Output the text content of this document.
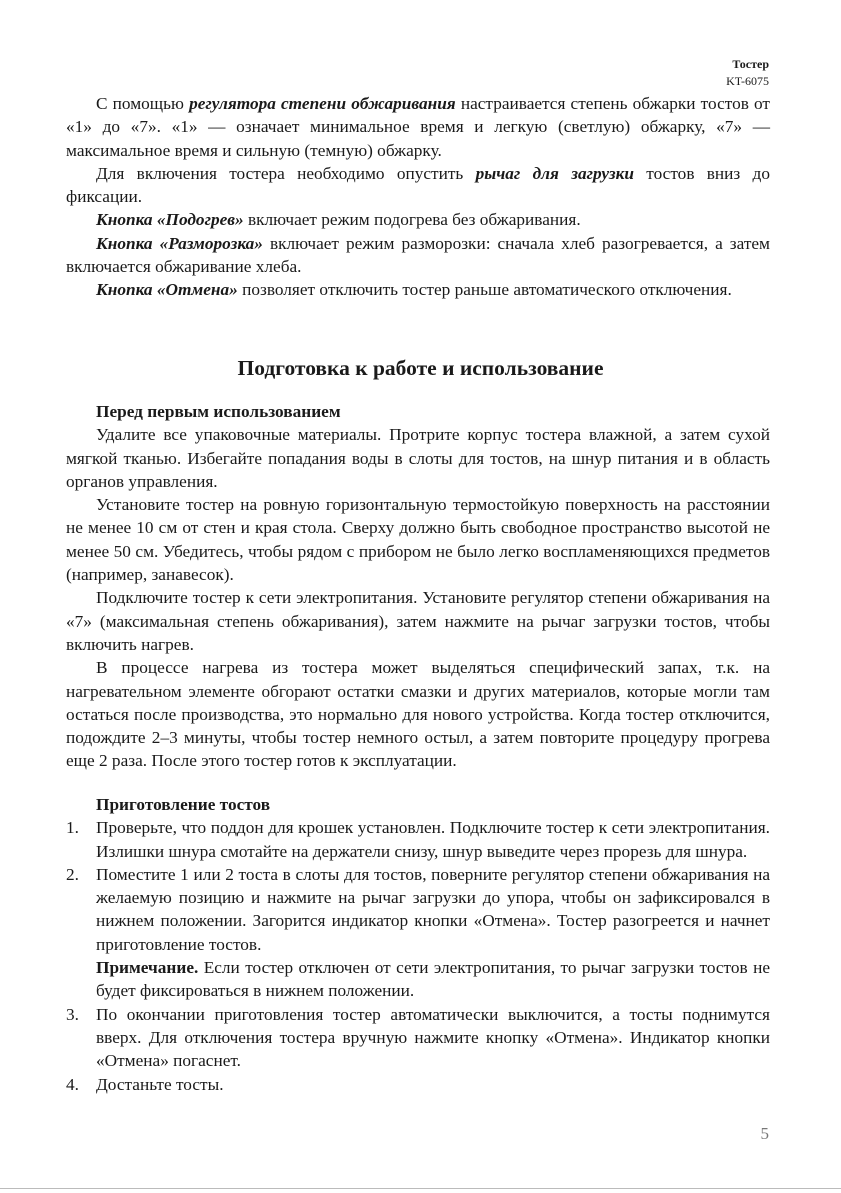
Тостер
KT-6075

С помощью регулятора степени обжаривания настраивается степень обжарки тостов от «1» до «7». «1» — означает минимальное время и легкую (светлую) обжарку, «7» — максимальное время и сильную (темную) обжарку.

Для включения тостера необходимо опустить рычаг для загрузки тостов вниз до фиксации.

Кнопка «Подогрев» включает режим подогрева без обжаривания.

Кнопка «Разморозка» включает режим разморозки: сначала хлеб разогревается, а затем включается обжаривание хлеба.

Кнопка «Отмена» позволяет отключить тостер раньше автоматического отключения.

Подготовка к работе и использование
Перед первым использованием

Удалите все упаковочные материалы. Протрите корпус тостера влажной, а затем сухой мягкой тканью. Избегайте попадания воды в слоты для тостов, на шнур питания и в область органов управления.

Установите тостер на ровную горизонтальную термостойкую поверхность на расстоянии не менее 10 см от стен и края стола. Сверху должно быть свободное пространство высотой не менее 50 см. Убедитесь, чтобы рядом с прибором не было легко воспламеняющихся предметов (например, занавесок).

Подключите тостер к сети электропитания. Установите регулятор степени обжаривания на «7» (максимальная степень обжаривания), затем нажмите на рычаг загрузки тостов, чтобы включить нагрев.

В процессе нагрева из тостера может выделяться специфический запах, т.к. на нагревательном элементе обгорают остатки смазки и других материалов, которые могли там остаться после производства, это нормально для нового устройства. Когда тостер отключится, подождите 2–3 минуты, чтобы тостер немного остыл, а затем повторите процедуру прогрева еще 2 раза. После этого тостер готов к эксплуатации.

Приготовление тостов
1. Проверьте, что поддон для крошек установлен. Подключите тостер к сети электропитания. Излишки шнура смотайте на держатели снизу, шнур выведите через прорезь для шнура.
2. Поместите 1 или 2 тоста в слоты для тостов, поверните регулятор степени обжаривания на желаемую позицию и нажмите на рычаг загрузки до упора, чтобы он зафиксировался в нижнем положении. Загорится индикатор кнопки «Отмена». Тостер разогреется и начнет приготовление тостов.
Примечание. Если тостер отключен от сети электропитания, то рычаг загрузки тостов не будет фиксироваться в нижнем положении.
3. По окончании приготовления тостер автоматически выключится, а тосты поднимутся вверх. Для отключения тостера вручную нажмите кнопку «Отмена». Индикатор кнопки «Отмена» погаснет.
4. Достаньте тосты.
5
